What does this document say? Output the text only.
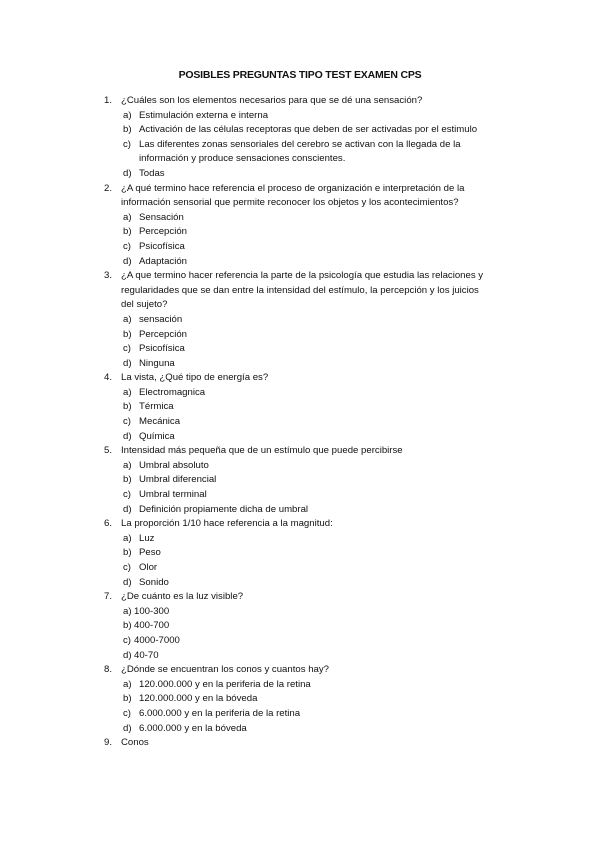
POSIBLES PREGUNTAS TIPO TEST EXAMEN CPS
1. ¿Cuáles son los elementos necesarios para que se dé una sensación?
a) Estimulación externa e interna
b) Activación de las células receptoras que deben de ser activadas por el estimulo
c) Las diferentes zonas sensoriales del cerebro se activan con la llegada de la
información y produce sensaciones conscientes.
d) Todas
2. ¿A qué termino hace referencia el proceso de organización e interpretación de la
información sensorial que permite reconocer los objetos y los acontecimientos?
a) Sensación
b) Percepción
c) Psicofísica
d) Adaptación
3. ¿A que termino hacer referencia la parte de la psicología que estudia las relaciones y
regularidades que se dan entre la intensidad del estímulo, la percepción y los juicios
del sujeto?
a) sensación
b) Percepción
c) Psicofísica
d) Ninguna
4. La vista, ¿Qué tipo de energía es?
a) Electromagnica
b) Térmica
c) Mecánica
d) Química
5. Intensidad más pequeña que de un estímulo que puede percibirse
a) Umbral absoluto
b) Umbral diferencial
c) Umbral terminal
d) Definición propiamente dicha de umbral
6. La proporción 1/10 hace referencia a la magnitud:
a) Luz
b) Peso
c) Olor
d) Sonido
7. ¿De cuánto es la luz visible?
a) 100-300
b) 400-700
c) 4000-7000
d) 40-70
8. ¿Dónde se encuentran los conos y cuantos hay?
a) 120.000.000 y en la periferia de la retina
b) 120.000.000 y en la bóveda
c) 6.000.000 y en la periferia de la retina
d) 6.000.000 y en la bóveda
9. Conos
